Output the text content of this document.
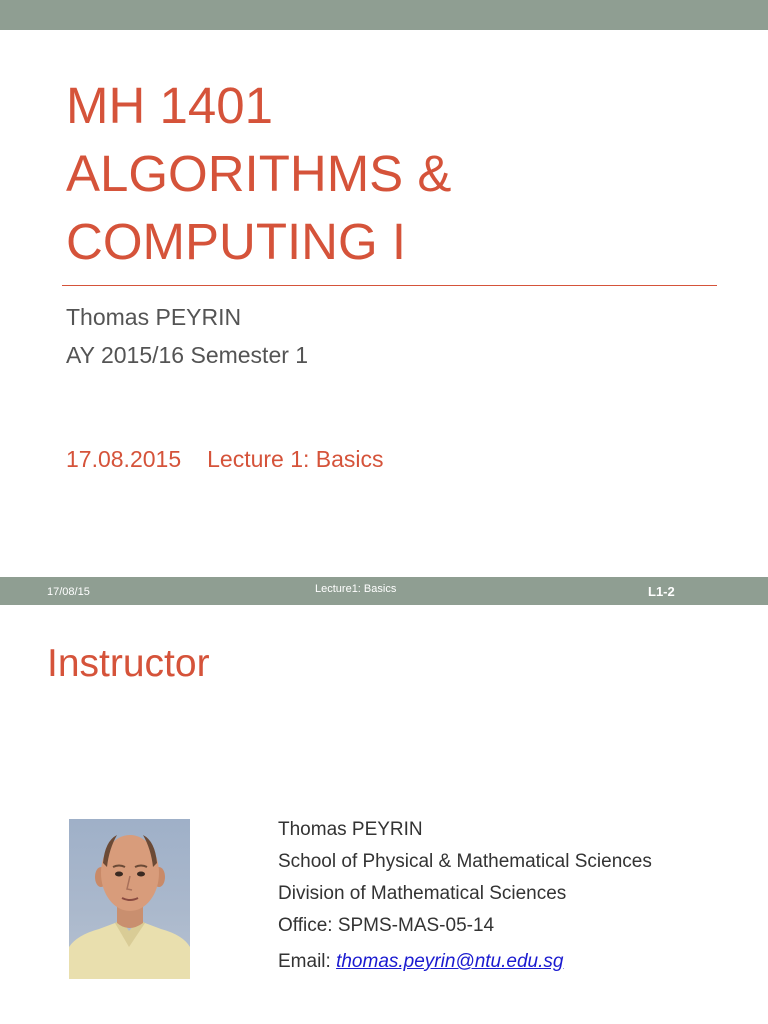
MH 1401
ALGORITHMS &
COMPUTING I
Thomas PEYRIN
AY 2015/16 Semester 1
17.08.2015 Lecture 1: Basics
17/08/15	Lecture1: Basics	L1-2
Instructor
Thomas PEYRIN
School of Physical & Mathematical Sciences
Division of Mathematical Sciences
Office: SPMS-MAS-05-14
Email: thomas.peyrin@ntu.edu.sg
